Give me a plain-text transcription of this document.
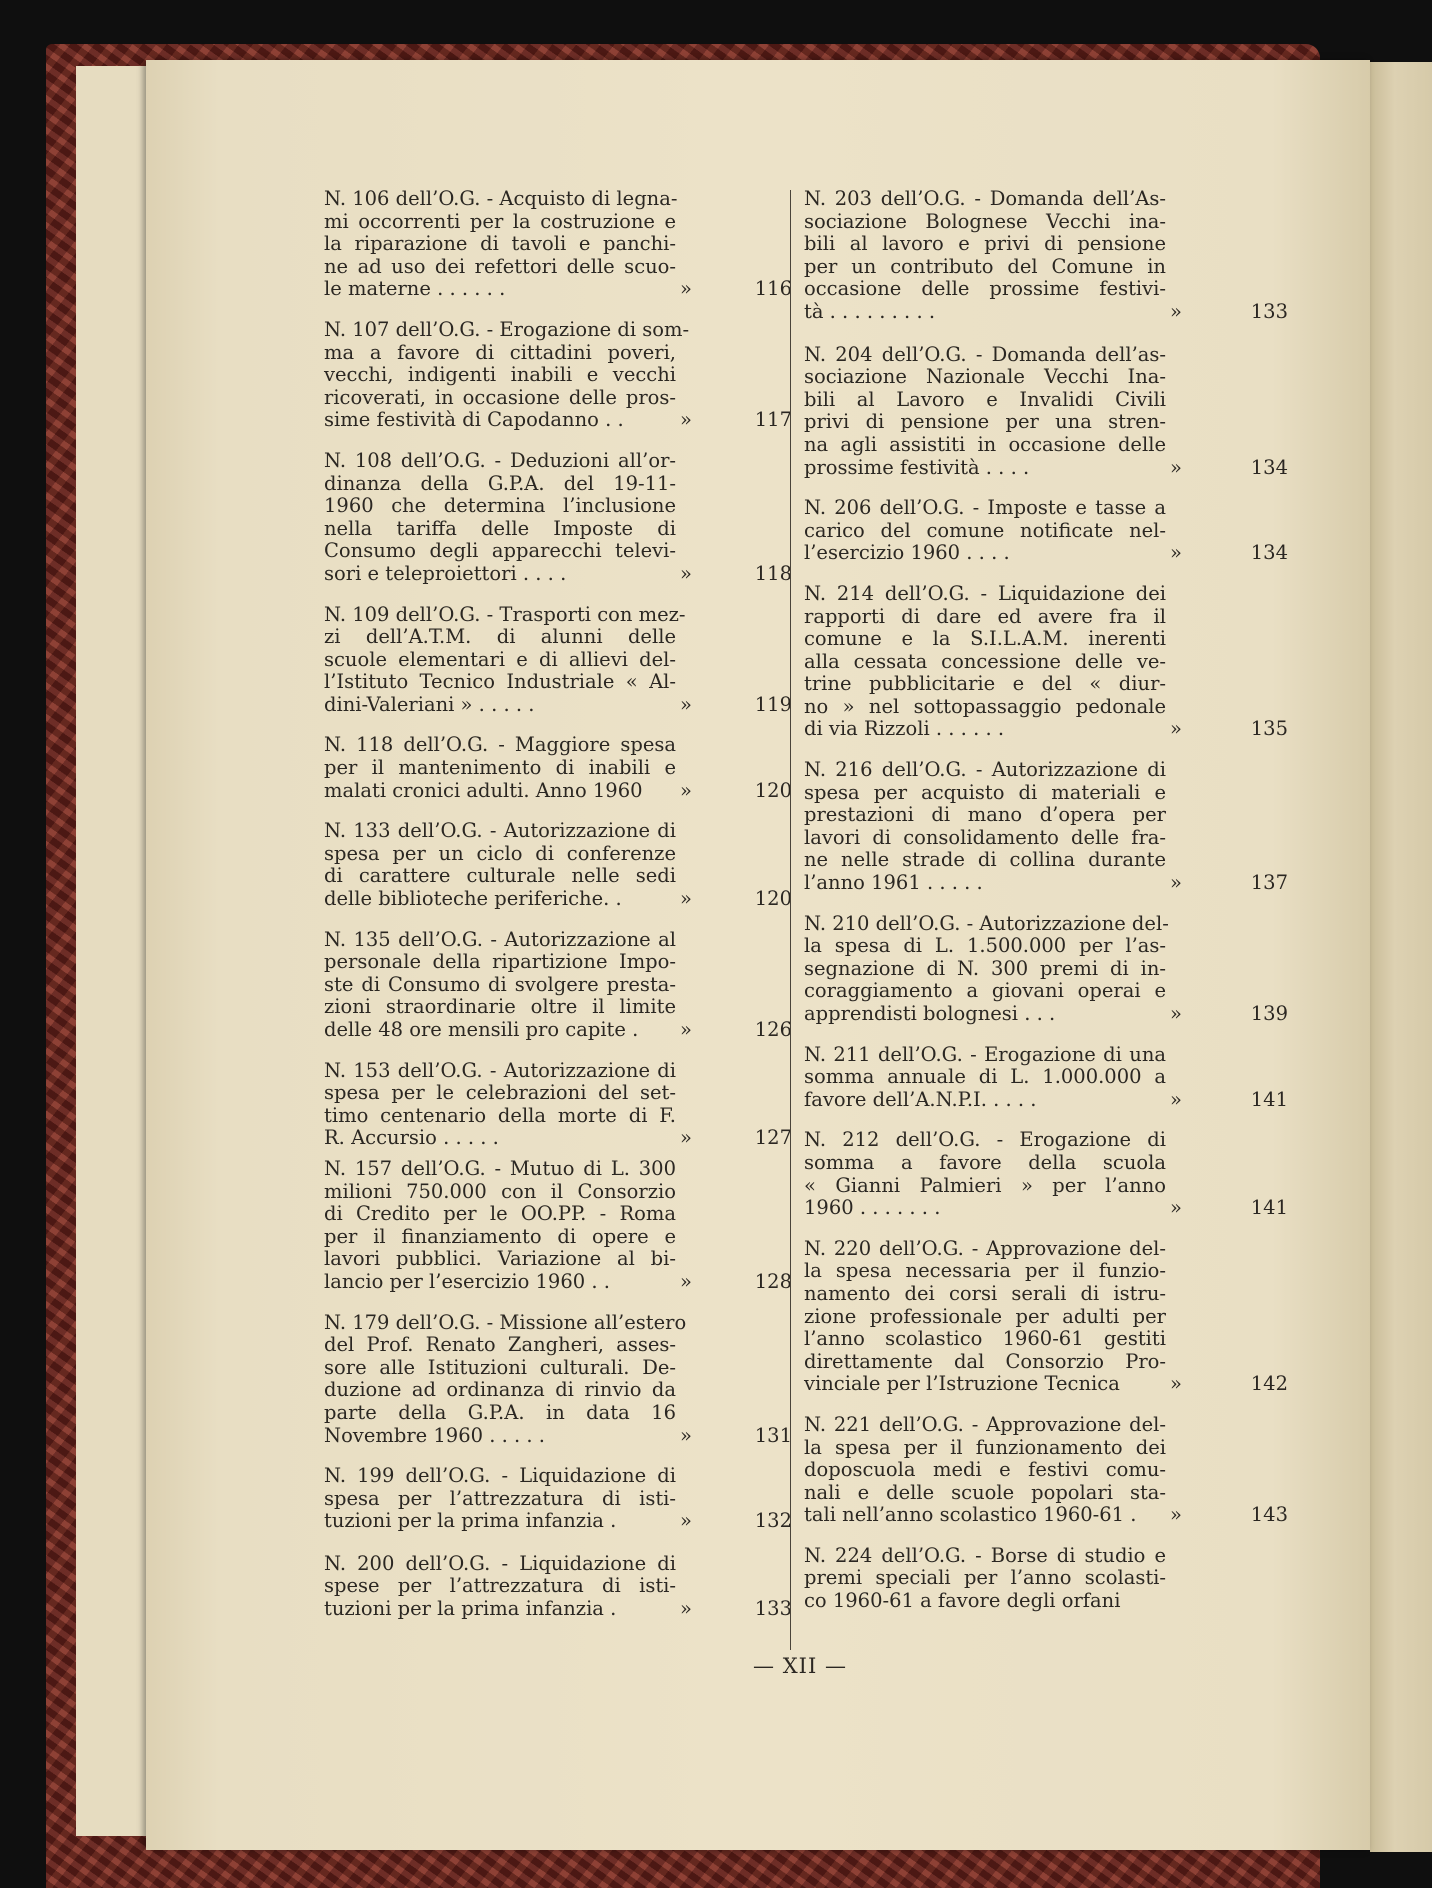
N. 106 dell’O.G. - Acquisto di legna-
mi occorrenti per la costruzione e
la riparazione di tavoli e panchi-
ne ad uso dei refettori delle scuo-
le materne . . . . . .	»	116
N. 107 dell’O.G. - Erogazione di som-
ma a favore di cittadini poveri,
vecchi, indigenti inabili e vecchi
ricoverati, in occasione delle pros-
sime festività di Capodanno . .	»	117
N. 108 dell’O.G. - Deduzioni all’or-
dinanza della G.P.A. del 19-11-
1960 che determina l’inclusione
nella tariffa delle Imposte di
Consumo degli apparecchi televi-
sori e teleproiettori . . . .	»	118
N. 109 dell’O.G. - Trasporti con mez-
zi dell’A.T.M. di alunni delle
scuole elementari e di allievi del-
l’Istituto Tecnico Industriale « Al-
dini-Valeriani » . . . . .	»	119
N. 118 dell’O.G. - Maggiore spesa
per il mantenimento di inabili e
malati cronici adulti. Anno 1960	»	120
N. 133 dell’O.G. - Autorizzazione di
spesa per un ciclo di conferenze
di carattere culturale nelle sedi
delle biblioteche periferiche. .	»	120
N. 135 dell’O.G. - Autorizzazione al
personale della ripartizione Impo-
ste di Consumo di svolgere presta-
zioni straordinarie oltre il limite
delle 48 ore mensili pro capite .	»	126
N. 153 dell’O.G. - Autorizzazione di
spesa per le celebrazioni del set-
timo centenario della morte di F.
R. Accursio . . . . .	»	127
N. 157 dell’O.G. - Mutuo di L. 300
milioni 750.000 con il Consorzio
di Credito per le OO.PP. - Roma
per il finanziamento di opere e
lavori pubblici. Variazione al bi-
lancio per l’esercizio 1960 . .	»	128
N. 179 dell’O.G. - Missione all’estero
del Prof. Renato Zangheri, asses-
sore alle Istituzioni culturali. De-
duzione ad ordinanza di rinvio da
parte della G.P.A. in data 16
Novembre 1960 . . . . .	»	131
N. 199 dell’O.G. - Liquidazione di
spesa per l’attrezzatura di isti-
tuzioni per la prima infanzia .	»	132
N. 200 dell’O.G. - Liquidazione di
spese per l’attrezzatura di isti-
tuzioni per la prima infanzia .	»	133
N. 203 dell’O.G. - Domanda dell’As-
sociazione Bolognese Vecchi ina-
bili al lavoro e privi di pensione
per un contributo del Comune in
occasione delle prossime festivi-
tà . . . . . . . . .	»	133
N. 204 dell’O.G. - Domanda dell’as-
sociazione Nazionale Vecchi Ina-
bili al Lavoro e Invalidi Civili
privi di pensione per una stren-
na agli assistiti in occasione delle
prossime festività . . . .	»	134
N. 206 dell’O.G. - Imposte e tasse a
carico del comune notificate nel-
l’esercizio 1960 . . . .	»	134
N. 214 dell’O.G. - Liquidazione dei
rapporti di dare ed avere fra il
comune e la S.I.L.A.M. inerenti
alla cessata concessione delle ve-
trine pubblicitarie e del « diur-
no » nel sottopassaggio pedonale
di via Rizzoli . . . . . .	»	135
N. 216 dell’O.G. - Autorizzazione di
spesa per acquisto di materiali e
prestazioni di mano d’opera per
lavori di consolidamento delle fra-
ne nelle strade di collina durante
l’anno 1961 . . . . .	»	137
N. 210 dell’O.G. - Autorizzazione del-
la spesa di L. 1.500.000 per l’as-
segnazione di N. 300 premi di in-
coraggiamento a giovani operai e
apprendisti bolognesi . . .	»	139
N. 211 dell’O.G. - Erogazione di una
somma annuale di L. 1.000.000 a
favore dell’A.N.P.I. . . . .	»	141
N. 212 dell’O.G. - Erogazione di
somma a favore della scuola
« Gianni Palmieri » per l’anno
1960 . . . . . . .	»	141
N. 220 dell’O.G. - Approvazione del-
la spesa necessaria per il funzio-
namento dei corsi serali di istru-
zione professionale per adulti per
l’anno scolastico 1960-61 gestiti
direttamente dal Consorzio Pro-
vinciale per l’Istruzione Tecnica	»	142
N. 221 dell’O.G. - Approvazione del-
la spesa per il funzionamento dei
doposcuola medi e festivi comu-
nali e delle scuole popolari sta-
tali nell’anno scolastico 1960-61 .	»	143
N. 224 dell’O.G. - Borse di studio e
premi speciali per l’anno scolasti-
co 1960-61 a favore degli orfani
— XII —
